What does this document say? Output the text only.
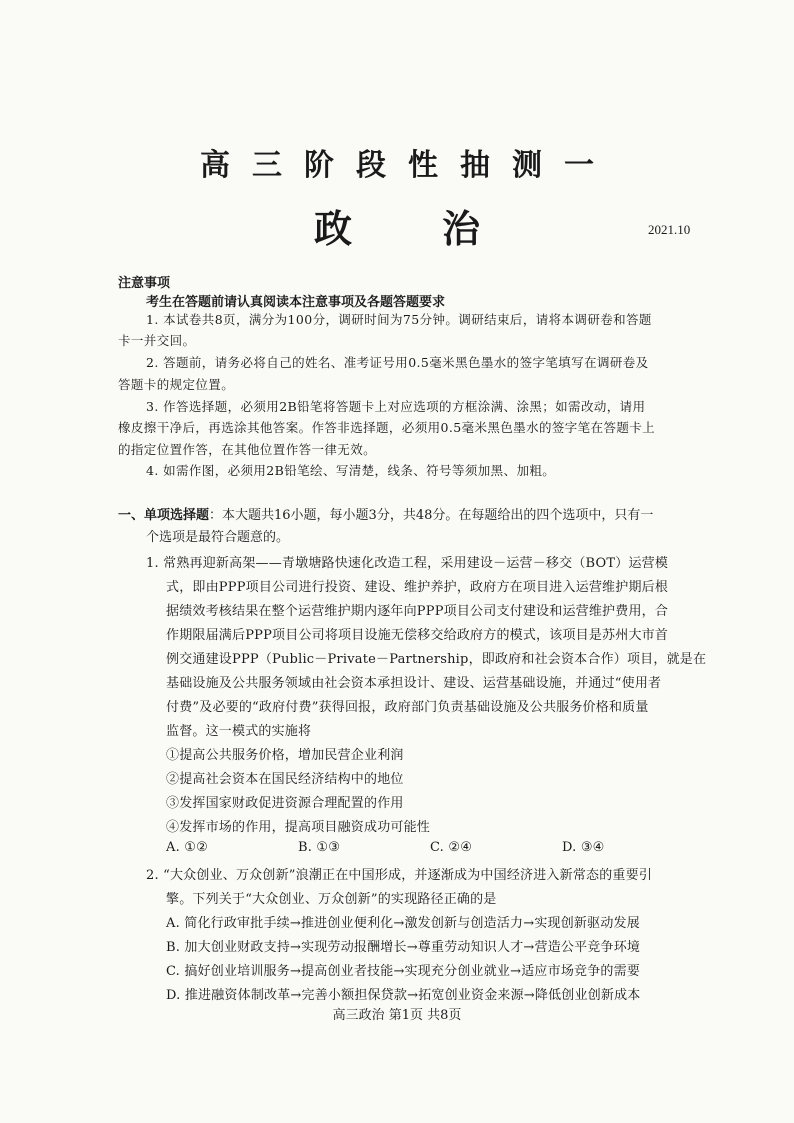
高三阶段性抽测一
政治	2021.10
注意事项
考生在答题前请认真阅读本注意事项及各题答题要求
1. 本试卷共8页，满分为100分，调研时间为75分钟。调研结束后，请将本调研卷和答题
卡一并交回。
2. 答题前，请务必将自己的姓名、准考证号用0.5毫米黑色墨水的签字笔填写在调研卷及
答题卡的规定位置。
3. 作答选择题，必须用2B铅笔将答题卡上对应选项的方框涂满、涂黑；如需改动，请用
橡皮擦干净后，再选涂其他答案。作答非选择题，必须用0.5毫米黑色墨水的签字笔在答题卡上
的指定位置作答，在其他位置作答一律无效。
4. 如需作图，必须用2B铅笔绘、写清楚，线条、符号等须加黑、加粗。
一、单项选择题：本大题共16小题，每小题3分，共48分。在每题给出的四个选项中，只有一
个选项是最符合题意的。
1. 常熟再迎新高架——青墩塘路快速化改造工程，采用建设－运营－移交（BOT）运营模
式，即由PPP项目公司进行投资、建设、维护养护，政府方在项目进入运营维护期后根
据绩效考核结果在整个运营维护期内逐年向PPP项目公司支付建设和运营维护费用，合
作期限届满后PPP项目公司将项目设施无偿移交给政府方的模式，该项目是苏州大市首
例交通建设PPP（Public－Private－Partnership，即政府和社会资本合作）项目，就是在
基础设施及公共服务领域由社会资本承担设计、建设、运营基础设施，并通过“使用者
付费”及必要的“政府付费”获得回报，政府部门负责基础设施及公共服务价格和质量
监督。这一模式的实施将
①提高公共服务价格，增加民营企业利润
②提高社会资本在国民经济结构中的地位
③发挥国家财政促进资源合理配置的作用
④发挥市场的作用，提高项目融资成功可能性
A. ①②	B. ①③	C. ②④	D. ③④
2. “大众创业、万众创新”浪潮正在中国形成，并逐渐成为中国经济进入新常态的重要引
擎。下列关于“大众创业、万众创新”的实现路径正确的是
A. 简化行政审批手续→推进创业便利化→激发创新与创造活力→实现创新驱动发展
B. 加大创业财政支持→实现劳动报酬增长→尊重劳动知识人才→营造公平竞争环境
C. 搞好创业培训服务→提高创业者技能→实现充分创业就业→适应市场竞争的需要
D. 推进融资体制改革→完善小额担保贷款→拓宽创业资金来源→降低创业创新成本
高三政治 第1页 共8页
